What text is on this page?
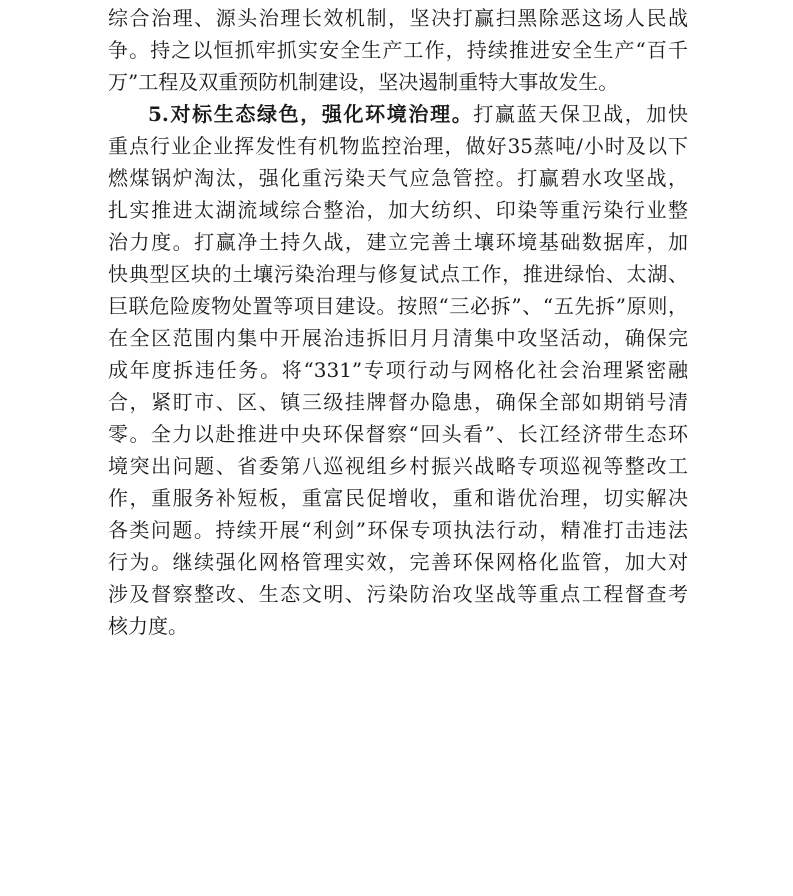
综合治理、源头治理长效机制，坚决打赢扫黑除恶这场人民战
争。持之以恒抓牢抓实安全生产工作，持续推进安全生产“百千
万”工程及双重预防机制建设，坚决遏制重特大事故发生。
5.对标生态绿色，强化环境治理。打赢蓝天保卫战，加快
重点行业企业挥发性有机物监控治理，做好35蒸吨/小时及以下
燃煤锅炉淘汰，强化重污染天气应急管控。打赢碧水攻坚战，
扎实推进太湖流域综合整治，加大纺织、印染等重污染行业整
治力度。打赢净土持久战，建立完善土壤环境基础数据库，加
快典型区块的土壤污染治理与修复试点工作，推进绿怡、太湖、
巨联危险废物处置等项目建设。按照“三必拆”、“五先拆”原则，
在全区范围内集中开展治违拆旧月月清集中攻坚活动，确保完
成年度拆违任务。将“331”专项行动与网格化社会治理紧密融
合，紧盯市、区、镇三级挂牌督办隐患，确保全部如期销号清
零。全力以赴推进中央环保督察“回头看”、长江经济带生态环
境突出问题、省委第八巡视组乡村振兴战略专项巡视等整改工
作，重服务补短板，重富民促增收，重和谐优治理，切实解决
各类问题。持续开展“利剑”环保专项执法行动，精准打击违法
行为。继续强化网格管理实效，完善环保网格化监管，加大对
涉及督察整改、生态文明、污染防治攻坚战等重点工程督查考
核力度。
